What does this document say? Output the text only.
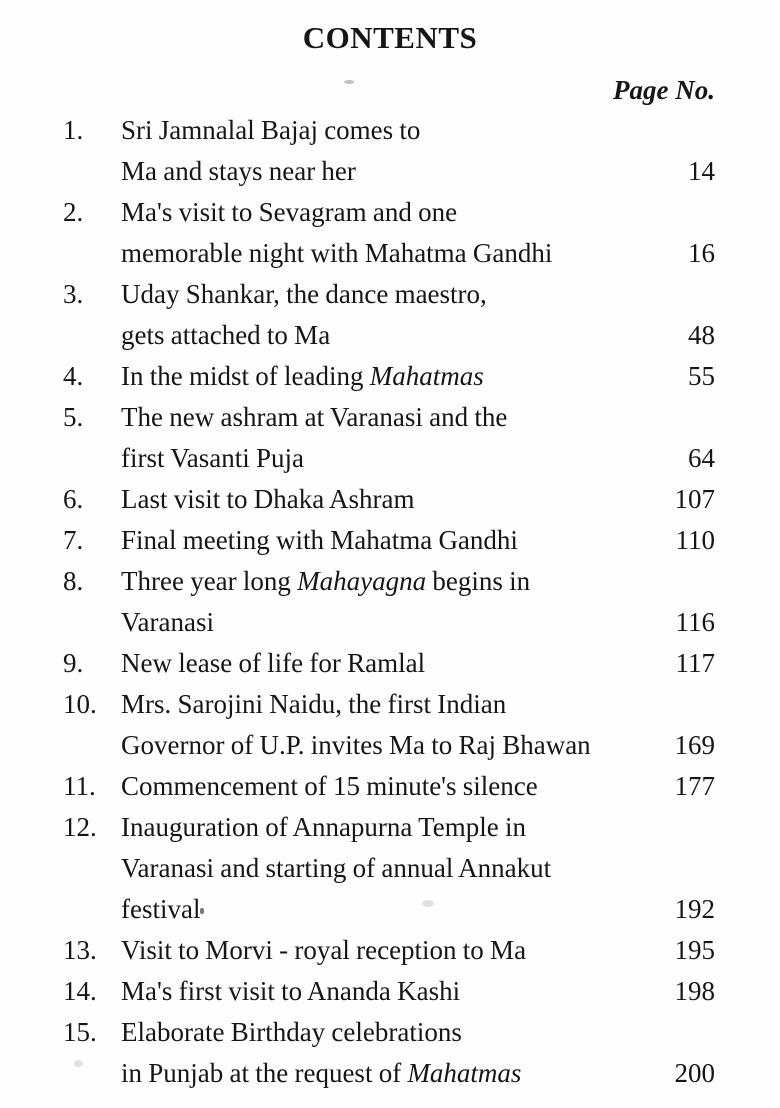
CONTENTS
Page No.
1.	Sri Jamnalal Bajaj comes to
Ma and stays near her	14
2.	Ma's visit to Sevagram and one
memorable night with Mahatma Gandhi	16
3.	Uday Shankar, the dance maestro,
gets attached to Ma	48
4.	In the midst of leading Mahatmas	55
5.	The new ashram at Varanasi and the
first Vasanti Puja	64
6.	Last visit to Dhaka Ashram	107
7.	Final meeting with Mahatma Gandhi	110
8.	Three year long Mahayagna begins in
Varanasi	116
9.	New lease of life for Ramlal	117
10. Mrs. Sarojini Naidu, the first Indian
Governor of U.P. invites Ma to Raj Bhawan	169
11. Commencement of 15 minute's silence	177
12. Inauguration of Annapurna Temple in
Varanasi and starting of annual Annakut
festival	192
13. Visit to Morvi - royal reception to Ma	195
14. Ma's first visit to Ananda Kashi	198
15. Elaborate Birthday celebrations
in Punjab at the request of Mahatmas	200
